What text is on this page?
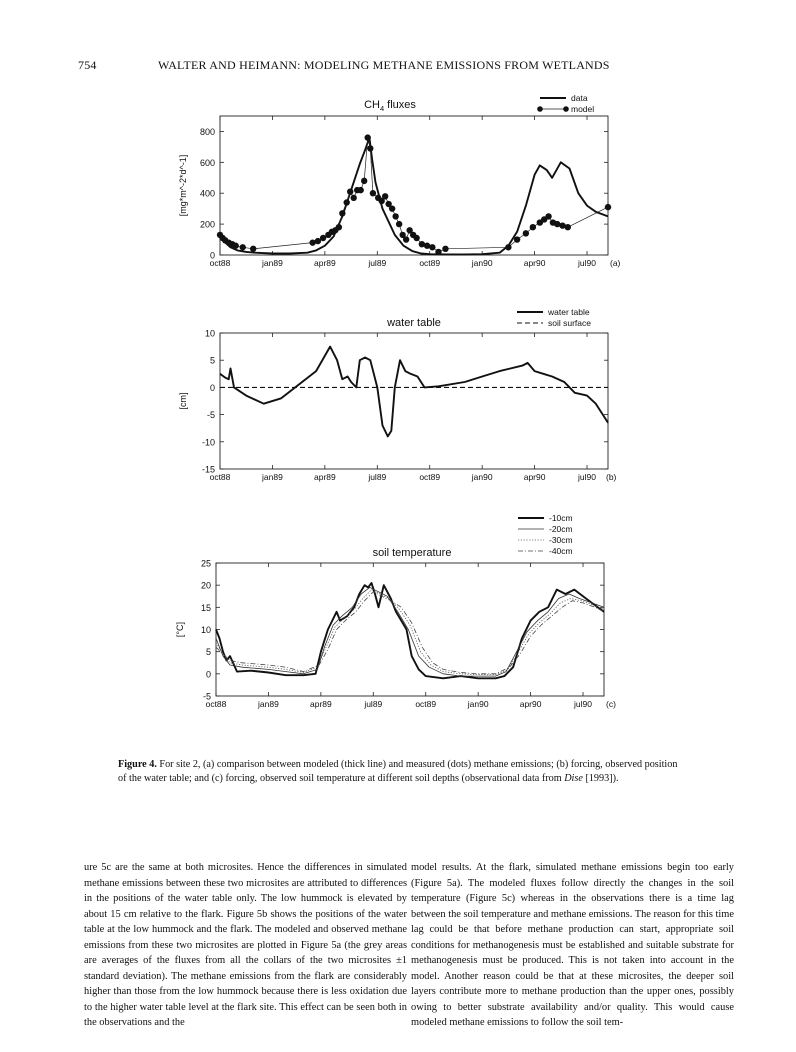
754	WALTER AND HEIMANN: MODELING METHANE EMISSIONS FROM WETLANDS
0
200
400
600
800
oct88	jan89	apr89	jul89	oct89	jan90	apr90	jul90 (a)
[mg*m^-2*d^-1]
$CH_4$ fluxes
data
model
-15
-10
-5
0
5
10
oct88	jan89	apr89	jul89	oct89	jan90	apr90	jul90 (b)
[cm]
water table
water table
soil surface
-5
0
5
10
15
20
25
oct88	jan89	apr89	jul89	oct89	jan90	apr90	jul90 (c)
[°C]
soil temperature
-10cm
-20cm
-30cm
-40cm
Figure 4. For site 2, (a) comparison between modeled (thick line) and measured (dots) methane emissions; (b) forcing, observed position of the water table; and (c) forcing, observed soil temperature at different soil depths (observational data from Dise [1993]).
ure 5c are the same at both microsites. Hence the differences in simulated methane emissions between these two microsites are attributed to differences in the positions of the water table only. The low hummock is elevated by about 15 cm relative to the flark. Figure 5b shows the positions of the water table at the low hummock and the flark. The modeled and observed methane emissions from these two microsites are plotted in Figure 5a (the grey areas are averages of the fluxes from all the collars of the two microsites ±1 standard deviation). The methane emissions from the flark are considerably higher than those from the low hummock because there is less oxidation due to the higher water table level at the flark site. This effect can be seen both in the observations and the
model results. At the flark, simulated methane emissions begin too early (Figure 5a). The modeled fluxes follow directly the changes in the soil temperature (Figure 5c) whereas in the observations there is a time lag between the soil temperature and methane emissions. The reason for this time lag could be that before methane production can start, appropriate soil conditions for methanogenesis must be established and suitable substrate for methanogenesis must be produced. This is not taken into account in the model. Another reason could be that at these microsites, the deeper soil layers contribute more to methane production than the upper ones, possibly owing to better substrate availability and/or quality. This would cause modeled methane emissions to follow the soil tem-
